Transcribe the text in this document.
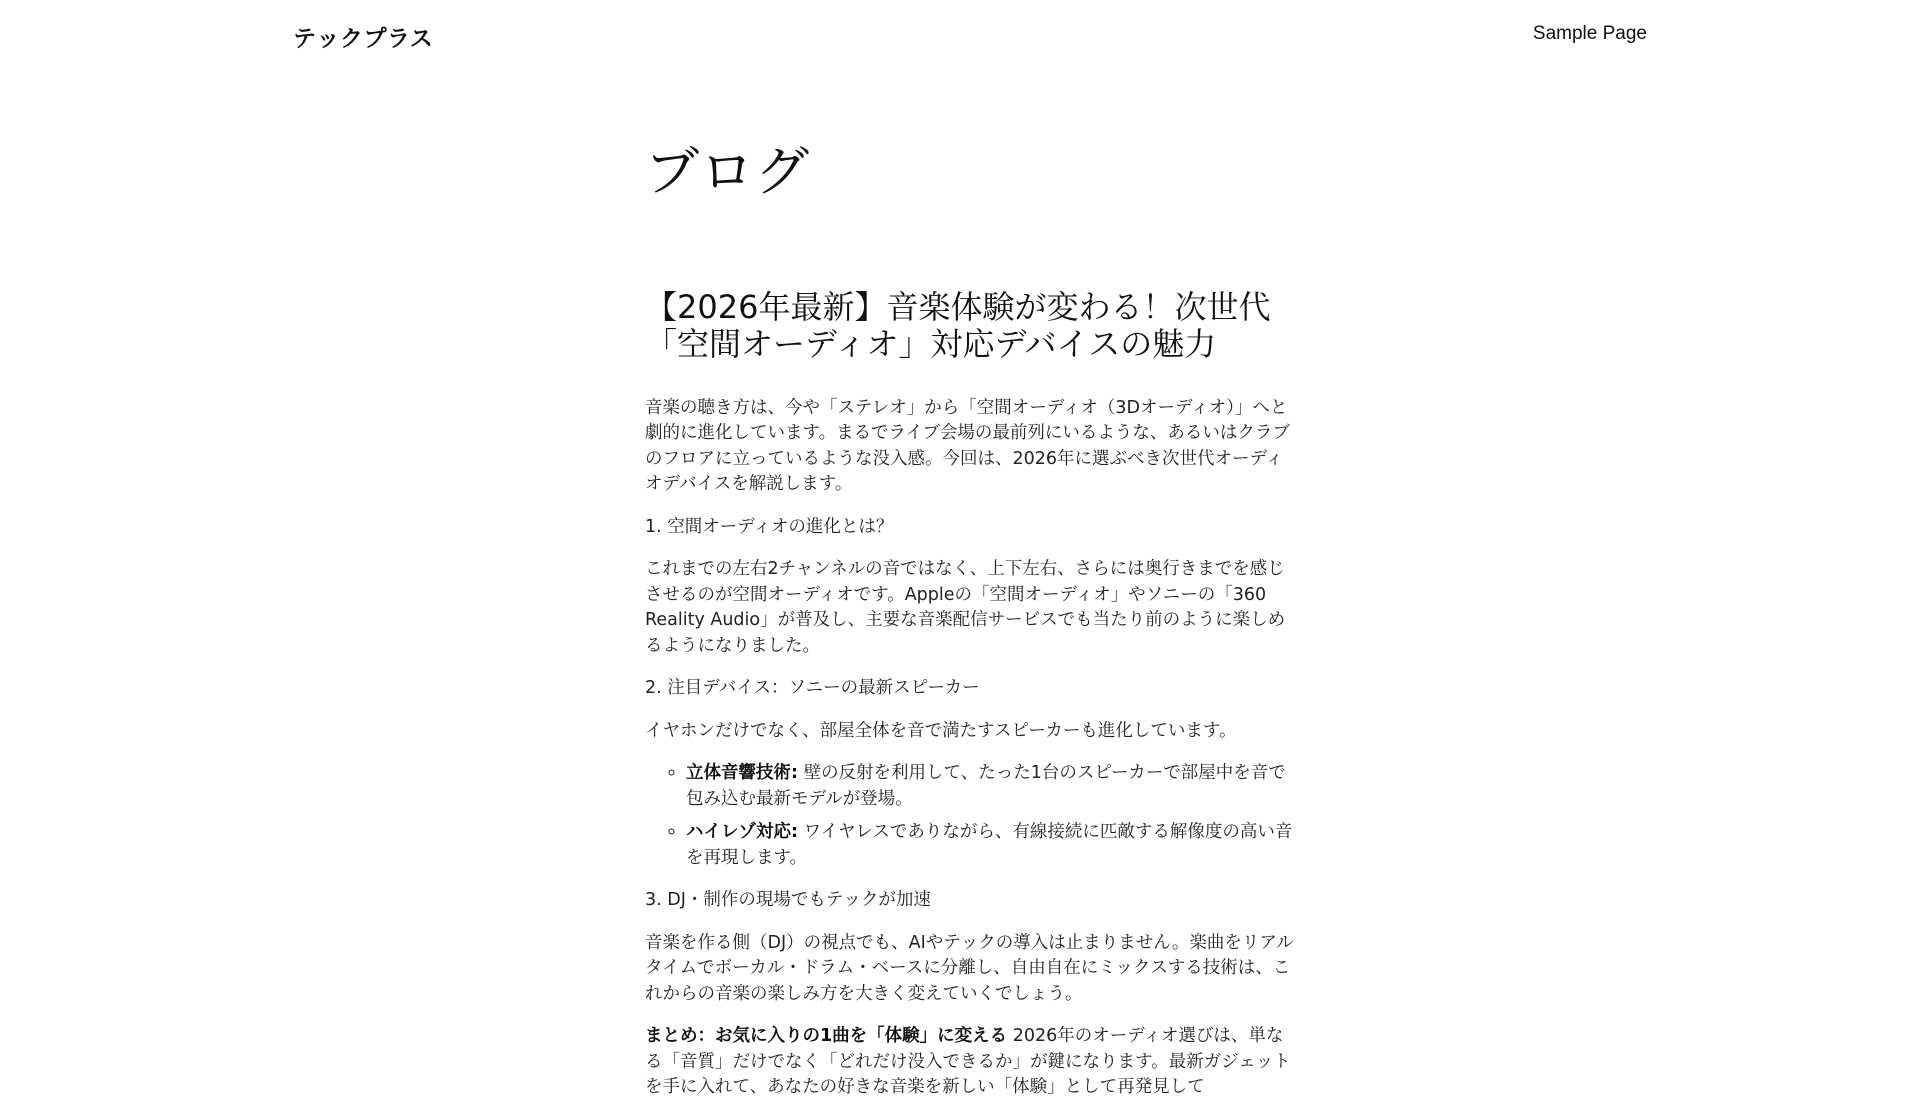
テックプラス	Sample Page
ブログ
【2026年最新】音楽体験が変わる！次世代「空間オーディオ」対応デバイスの魅力

音楽の聴き方は、今や「ステレオ」から「空間オーディオ（3Dオーディオ）」へと劇的に進化しています。まるでライブ会場の最前列にいるような、あるいはクラブのフロアに立っているような没入感。今回は、2026年に選ぶべき次世代オーディオデバイスを解説します。

1. 空間オーディオの進化とは？

これまでの左右2チャンネルの音ではなく、上下左右、さらには奥行きまでを感じさせるのが空間オーディオです。Appleの「空間オーディオ」やソニーの「360 Reality Audio」が普及し、主要な音楽配信サービスでも当たり前のように楽しめるようになりました。

2. 注目デバイス：ソニーの最新スピーカー

イヤホンだけでなく、部屋全体を音で満たすスピーカーも進化しています。

◦ 立体音響技術: 壁の反射を利用して、たった1台のスピーカーで部屋中を音で包み込む最新モデルが登場。
◦ ハイレゾ対応: ワイヤレスでありながら、有線接続に匹敵する解像度の高い音を再現します。

3. DJ・制作の現場でもテックが加速

音楽を作る側（DJ）の視点でも、AIやテックの導入は止まりません。楽曲をリアルタイムでボーカル・ドラム・ベースに分離し、自由自在にミックスする技術は、これからの音楽の楽しみ方を大きく変えていくでしょう。

まとめ：お気に入りの1曲を「体験」に変える 2026年のオーディオ選びは、単なる「音質」だけでなく「どれだけ没入できるか」が鍵になります。最新ガジェットを手に入れて、あなたの好きな音楽を新しい「体験」として再発見して
